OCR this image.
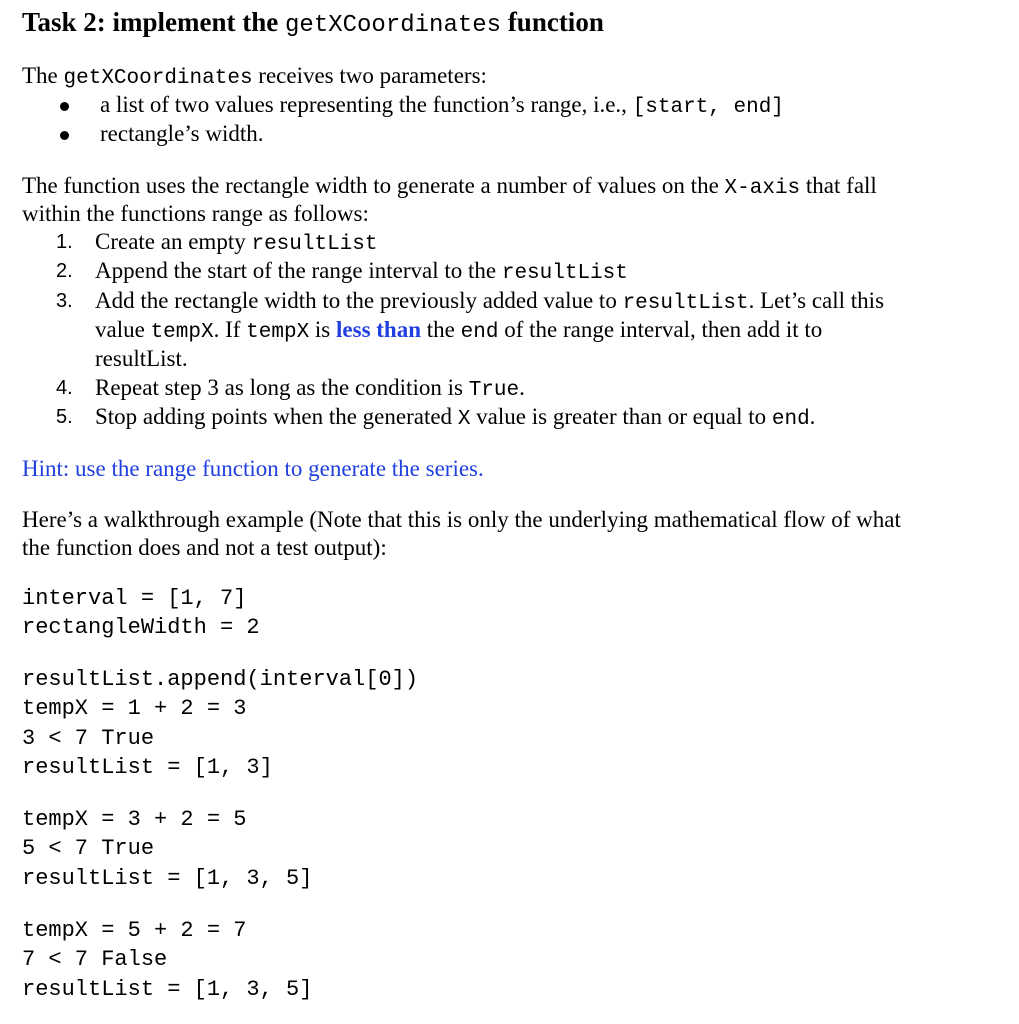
Task 2: implement the getXCoordinates function
The getXCoordinates receives two parameters:
a list of two values representing the function’s range, i.e., [start, end]
rectangle’s width.
The function uses the rectangle width to generate a number of values on the X-axis that fall
within the functions range as follows:
1. Create an empty resultList
2. Append the start of the range interval to the resultList
3. Add the rectangle width to the previously added value to resultList. Let’s call this
value tempX. If tempX is less than the end of the range interval, then add it to
resultList.
4. Repeat step 3 as long as the condition is True.
5. Stop adding points when the generated X value is greater than or equal to end.
Hint: use the range function to generate the series.
Here’s a walkthrough example (Note that this is only the underlying mathematical flow of what
the function does and not a test output):
interval = [1, 7]
rectangleWidth = 2
resultList.append(interval[0])
tempX = 1 + 2 = 3
3 < 7 True
resultList = [1, 3]
tempX = 3 + 2 = 5
5 < 7 True
resultList = [1, 3, 5]
tempX = 5 + 2 = 7
7 < 7 False
resultList = [1, 3, 5]
